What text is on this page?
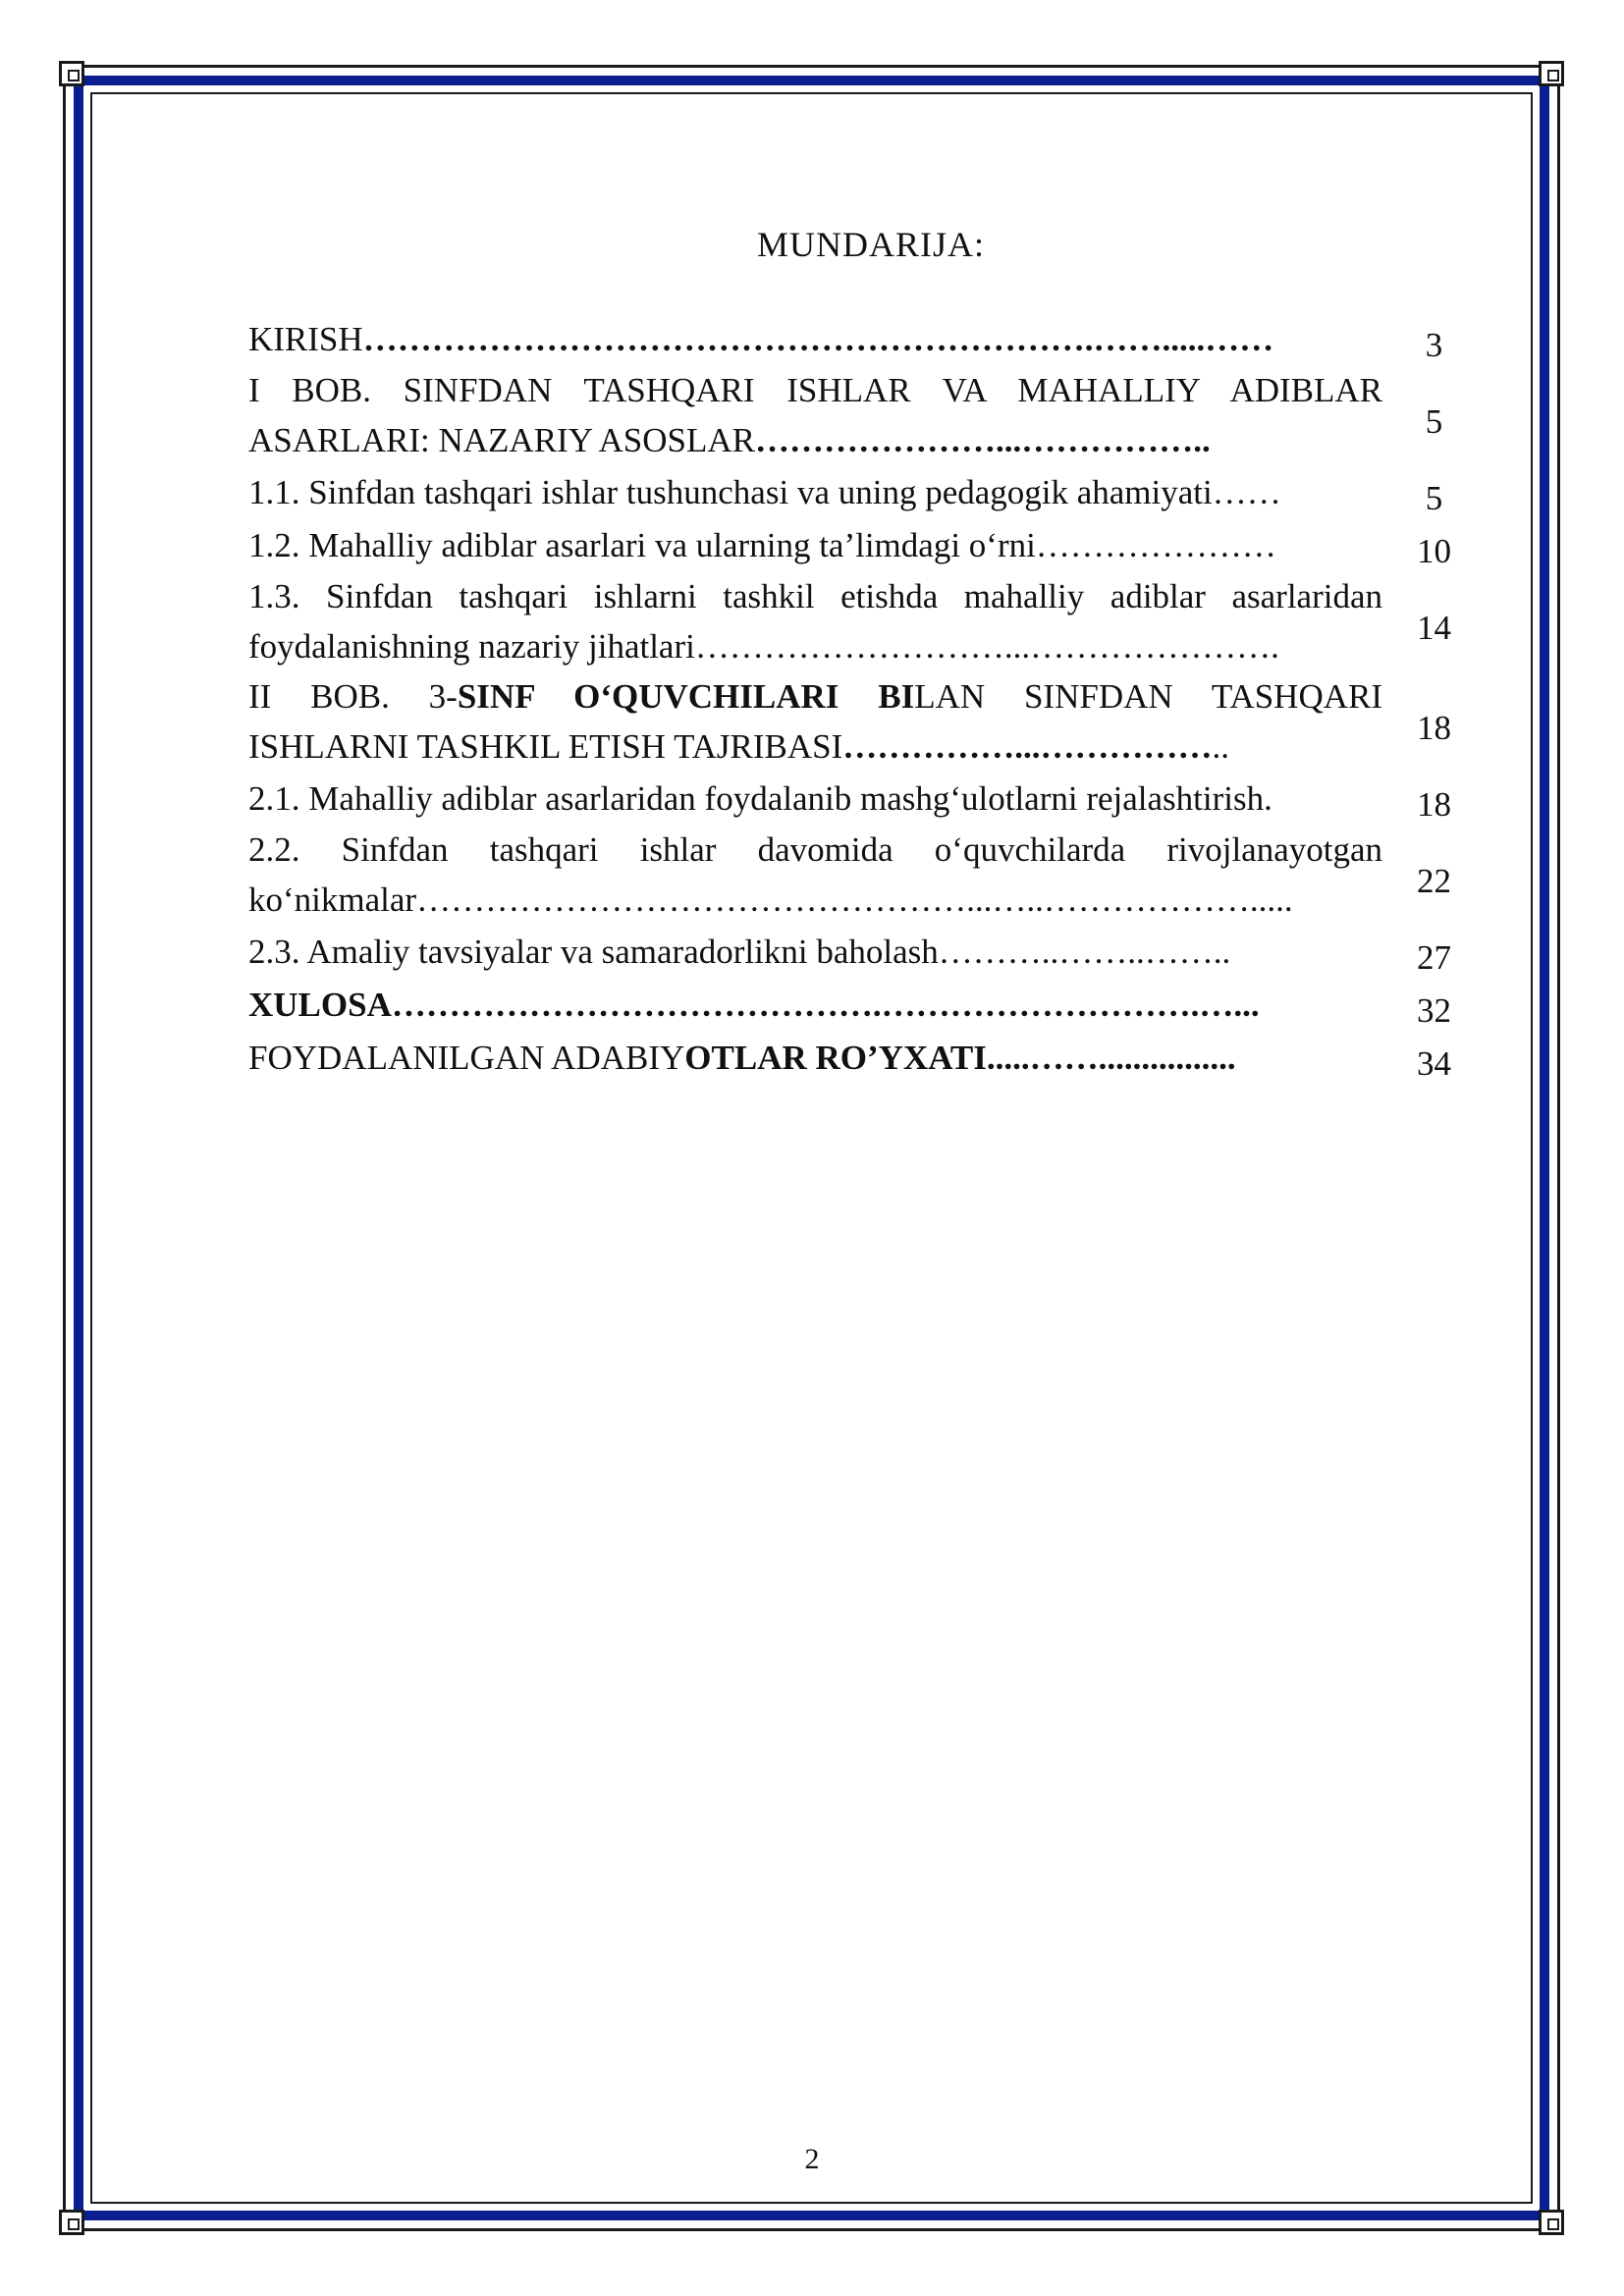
MUNDARIJA:
KIRISH……………………………………………………….…….....……	3
I BOB. SINFDAN TASHQARI ISHLAR VA MAHALLIY ADIBLAR
ASARLARI: NAZARIY ASOSLAR…………………...……………..	5
1.1. Sinfdan tashqari ishlar tushunchasi va uning pedagogik ahamiyati……	5
1.2. Mahalliy adiblar asarlari va ularning ta’limdagi o‘rni…………………	10
1.3. Sinfdan tashqari ishlarni tashkil etishda mahalliy adiblar asarlaridan
foydalanishning nazariy jihatlari………………………...………………….	14
II BOB. 3-SINF O‘QUVCHILARI BILAN SINFDAN TASHQARI
ISHLARNI TASHKIL ETISH TAJRIBASI……………...……………..	18
2.1. Mahalliy adiblar asarlaridan foydalanib mashg‘ulotlarni rejalashtirish.	18
2.2. Sinfdan tashqari ishlar davomida o‘quvchilarda rivojlanayotgan
ko‘nikmalar…………………………………………...…..……………….....	22
2.3. Amaliy tavsiyalar va samaradorlikni baholash………..……..……..	27
XULOSA…………………………………….……………………….…...	32
FOYDALANILGAN ADABIYOTLAR RO’YXATI.....……................	34
2
